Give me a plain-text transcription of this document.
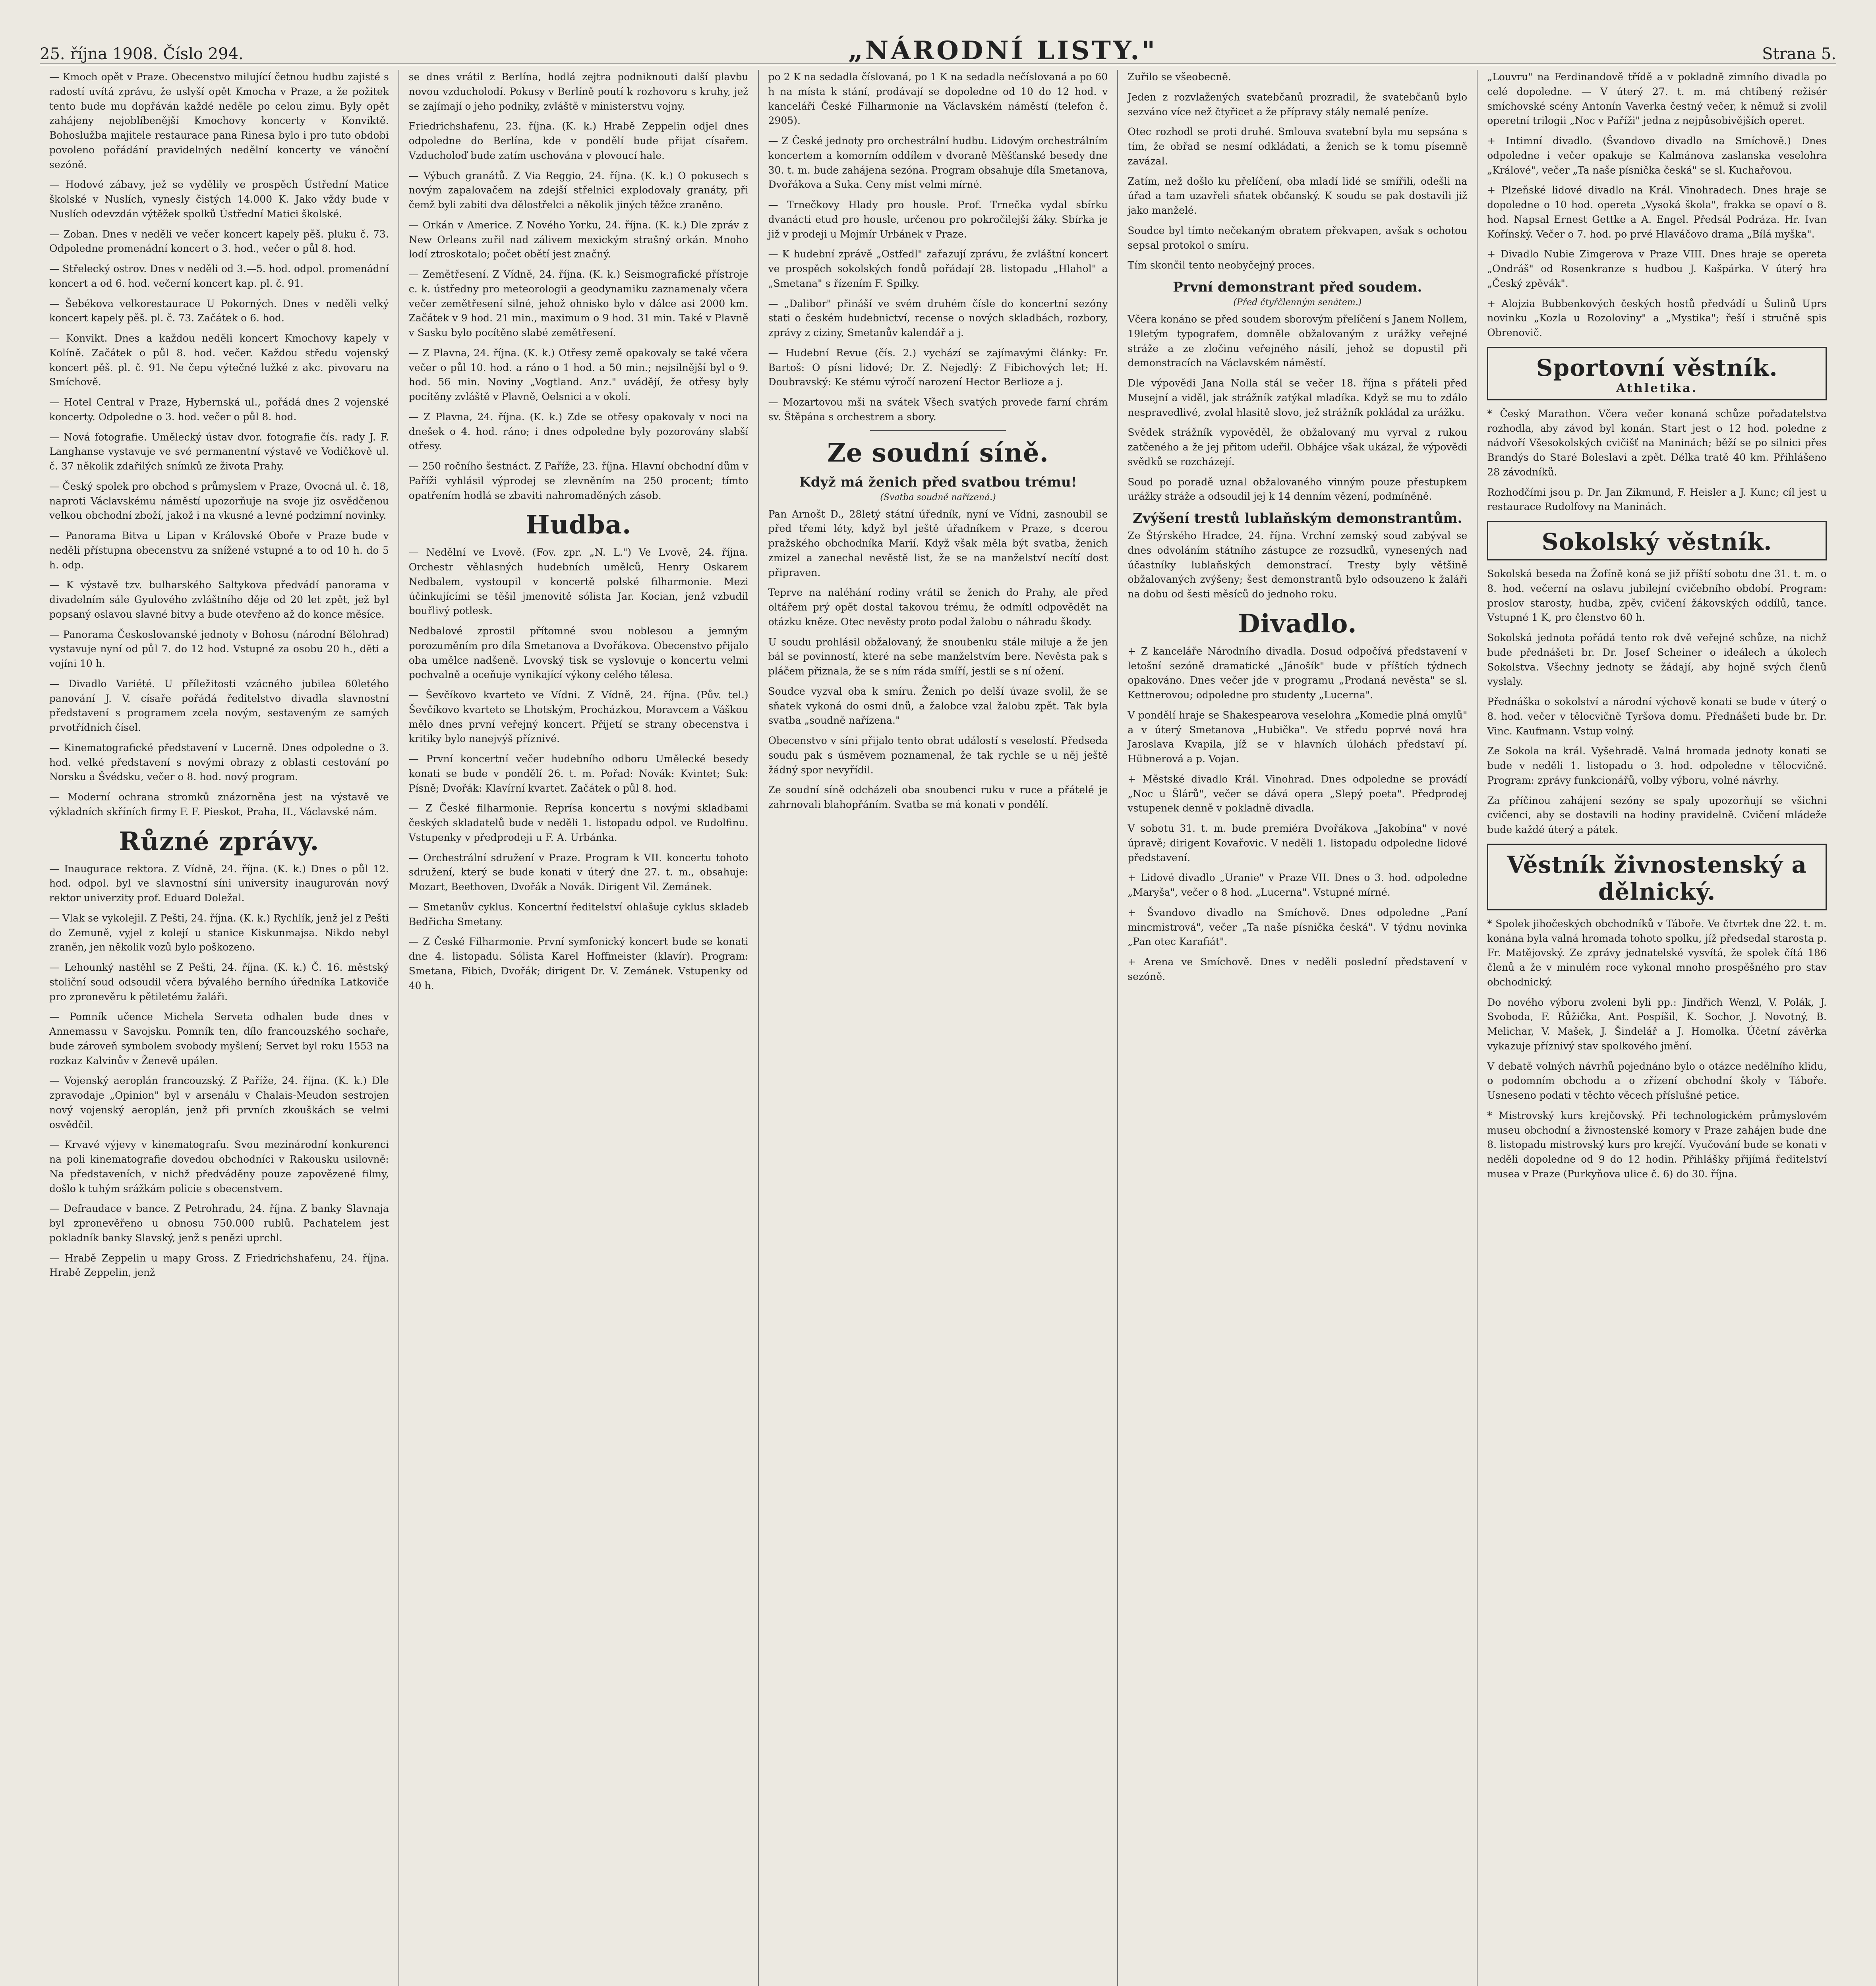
25. října 1908. Číslo 294.	„NÁRODNÍ LISTY."	Strana 5.

— Kmoch opět v Praze. Obecenstvo milující četnou hudbu zajisté s radostí uvítá zprávu, že uslyší opět Kmocha v Praze, a že požitek tento bude mu dopřáván každé neděle po celou zimu. Byly opět zahájeny nejoblíbenější Kmochovy koncerty v Konviktě. Bohoslužba majitele restaurace pana Rinesa bylo i pro tuto obdobi povoleno pořádání pravidelných nedělní koncerty ve vánoční sezóně.

— Hodové zábavy, jež se vydělily ve prospěch Ústřední Matice školské v Nuslích, vynesly čistých 14.000 K. Jako vždy bude v Nuslích odevzdán výtěžek spolků Ústřední Matici školské.

— Zoban. Dnes v neděli ve večer koncert kapely pěš. pluku č. 73. Odpoledne promenádní koncert o 3. hod., večer o půl 8. hod.

— Střelecký ostrov. Dnes v neděli od 3.—5. hod. odpol. promenádní koncert a od 6. hod. večerní koncert kap. pl. č. 91.

— Šebékova velkorestaurace U Pokorných. Dnes v neděli velký koncert kapely pěš. pl. č. 73. Začátek o 6. hod.

— Konvikt. Dnes a každou neděli koncert Kmochovy kapely v Kolíně. Začátek o půl 8. hod. večer. Každou středu vojenský koncert pěš. pl. č. 91. Ne čepu výtečné lužké z akc. pivovaru na Smíchově.

— Hotel Central v Praze, Hybernská ul., pořádá dnes 2 vojenské koncerty. Odpoledne o 3. hod. večer o půl 8. hod.

— Nová fotografie. Umělecký ústav dvor. fotografie čís. rady J. F. Langhanse vystavuje ve své permanentní výstavě ve Vodičkově ul. č. 37 několik zdařilých snímků ze života Prahy.

— Český spolek pro obchod s průmyslem v Praze, Ovocná ul. č. 18, naproti Václavskému náměstí upozorňuje na svoje jiz osvědčenou velkou obchodní zboží, jakož i na vkusné a levné podzimní novinky.

— Panorama Bitva u Lipan v Královské Oboře v Praze bude v neděli přístupna obecenstvu za snížené vstupné a to od 10 h. do 5 h. odp.

— K výstavě tzv. bulharského Saltykova předvádí panorama v divadelním sále Gyulového zvláštního děje od 20 let zpět, jež byl popsaný oslavou slavné bitvy a bude otevřeno až do konce měsíce.

— Panorama Českoslovanské jednoty v Bohosu (národní Bělohrad) vystavuje nyní od půl 7. do 12 hod. Vstupné za osobu 20 h., děti a vojíni 10 h.

— Divadlo Variété. U příležitosti vzácného jubilea 60letého panování J. V. císaře pořádá ředitelstvo divadla slavnostní představení s programem zcela novým, sestaveným ze samých prvotřídních čísel.

— Kinematografické představení v Lucerně. Dnes odpoledne o 3. hod. velké představení s novými obrazy z oblasti cestování po Norsku a Švédsku, večer o 8. hod. nový program.

— Moderní ochrana stromků znázorněna jest na výstavě ve výkladních skříních firmy F. F. Pieskot, Praha, II., Václavské nám.

Různé zprávy.

— Inaugurace rektora. Z Vídně, 24. října. (K. k.) Dnes o půl 12. hod. odpol. byl ve slavnostní síni university inaugurován nový rektor univerzity prof. Eduard Doležal.

— Vlak se vykolejil. Z Pešti, 24. října. (K. k.) Rychlík, jenž jel z Pešti do Zemuně, vyjel z kolejí u stanice Kiskunmajsa. Nikdo nebyl zraněn, jen několik vozů bylo poškozeno.

— Lehounký nastěhl se Z Pešti, 24. října. (K. k.) Č. 16. městský stoliční soud odsoudil včera bývalého berního úředníka Latkoviče pro zpronevěru k pětiletému žaláři.

— Pomník učence Michela Serveta odhalen bude dnes v Annemassu v Savojsku. Pomník ten, dílo francouzského sochaře, bude zároveň symbolem svobody myšlení; Servet byl roku 1553 na rozkaz Kalvinův v Ženevě upálen.

— Vojenský aeroplán francouzský. Z Paříže, 24. října. (K. k.) Dle zpravodaje „Opinion" byl v arsenálu v Chalais-Meudon sestrojen nový vojenský aeroplán, jenž při prvních zkouškách se velmi osvědčil.

— Krvavé výjevy v kinematografu. Svou mezinárodní konkurenci na poli kinematografie dovedou obchodníci v Rakousku usilovně: Na představeních, v nichž předváděny pouze zapovězené filmy, došlo k tuhým srážkám policie s obecenstvem.

— Defraudace v bance. Z Petrohradu, 24. října. Z banky Slavnaja byl zpronevěřeno u obnosu 750.000 rublů. Pachatelem jest pokladník banky Slavský, jenž s penězi uprchl.

— Hrabě Zeppelin u mapy Gross. Z Friedrichshafenu, 24. října. Hrabě Zeppelin, jenž

se dnes vrátil z Berlína, hodlá zejtra podniknouti další plavbu novou vzducholodí. Pokusy v Berlíně poutí k rozhovoru s kruhy, jež se zajímají o jeho podniky, zvláště v ministerstvu vojny.

Friedrichshafenu, 23. října. (K. k.) Hrabě Zeppelin odjel dnes odpoledne do Berlína, kde v pondělí bude přijat císařem. Vzducholoď bude zatím uschována v plovoucí hale.

— Výbuch granátů. Z Via Reggio, 24. října. (K. k.) O pokusech s novým zapalovačem na zdejší střelnici explodovaly granáty, při čemž byli zabiti dva dělostřelci a několik jiných těžce zraněno.

— Orkán v Americe. Z Nového Yorku, 24. října. (K. k.) Dle zpráv z New Orleans zuřil nad zálivem mexickým strašný orkán. Mnoho lodí ztroskotalo; počet obětí jest značný.

— Zemětřesení. Z Vídně, 24. října. (K. k.) Seismografické přístroje c. k. ústředny pro meteorologii a geodynamiku zaznamenaly včera večer zemětřesení silné, jehož ohnisko bylo v dálce asi 2000 km. Začátek v 9 hod. 21 min., maximum o 9 hod. 31 min. Také v Plavně v Sasku bylo pocítěno slabé zemětřesení.

— Z Plavna, 24. října. (K. k.) Otřesy země opakovaly se také včera večer o půl 10. hod. a ráno o 1 hod. a 50 min.; nejsilnější byl o 9. hod. 56 min. Noviny „Vogtland. Anz." uvádějí, že otřesy byly pocítěny zvláště v Plavně, Oelsnici a v okolí.

— Z Plavna, 24. října. (K. k.) Zde se otřesy opakovaly v noci na dnešek o 4. hod. ráno; i dnes odpoledne byly pozorovány slabší otřesy.

— 250 ročního šestnáct. Z Paříže, 23. října. Hlavní obchodní dům v Paříži vyhlásil výprodej se zlevněním na 250 procent; tímto opatřením hodlá se zbaviti nahromaděných zásob.

Hudba.

— Nedělní ve Lvově. (Fov. zpr. „N. L.") Ve Lvově, 24. října. Orchestr věhlasných hudebních umělců, Henry Oskarem Nedbalem, vystoupil v koncertě polské filharmonie. Mezi účinkujícími se těšil jmenovitě sólista Jar. Kocian, jenž vzbudil bouřlivý potlesk.

Nedbalové zprostil přítomné svou noblesou a jemným porozuměním pro díla Smetanova a Dvořákova. Obecenstvo přijalo oba umělce nadšeně. Lvovský tisk se vyslovuje o koncertu velmi pochvalně a oceňuje vynikající výkony celého tělesa.

— Ševčíkovo kvarteto ve Vídni. Z Vídně, 24. října. (Pův. tel.) Ševčíkovo kvarteto se Lhotským, Procházkou, Moravcem a Váškou mělo dnes první veřejný koncert. Přijetí se strany obecenstva i kritiky bylo nanejvýš příznivé.

— První koncertní večer hudebního odboru Umělecké besedy konati se bude v pondělí 26. t. m. Pořad: Novák: Kvintet; Suk: Písně; Dvořák: Klavírní kvartet. Začátek o půl 8. hod.

— Z České filharmonie. Reprísa koncertu s novými skladbami českých skladatelů bude v neděli 1. listopadu odpol. ve Rudolfinu. Vstupenky v předprodeji u F. A. Urbánka.

— Orchestrální sdružení v Praze. Program k VII. koncertu tohoto sdružení, který se bude konati v úterý dne 27. t. m., obsahuje: Mozart, Beethoven, Dvořák a Novák. Dirigent Vil. Zemánek.

— Smetanův cyklus. Koncertní ředitelství ohlašuje cyklus skladeb Bedřicha Smetany.

— Z České Filharmonie. První symfonický koncert bude se konati dne 4. listopadu. Sólista Karel Hoffmeister (klavír). Program: Smetana, Fibich, Dvořák; dirigent Dr. V. Zemánek. Vstupenky od 40 h.

po 2 K na sedadla číslovaná, po 1 K na sedadla nečíslovaná a po 60 h na místa k stání, prodávají se dopoledne od 10 do 12 hod. v kanceláři České Filharmonie na Václavském náměstí (telefon č. 2905).

— Z České jednoty pro orchestrální hudbu. Lidovým orchestrálním koncertem a komorním oddílem v dvoraně Měšťanské besedy dne 30. t. m. bude zahájena sezóna. Program obsahuje díla Smetanova, Dvořákova a Suka. Ceny míst velmi mírné.

— Trnečkovy Hlady pro housle. Prof. Trnečka vydal sbírku dvanácti etud pro housle, určenou pro pokročilejší žáky. Sbírka je již v prodeji u Mojmír Urbánek v Praze.

— K hudební zprávě „Ostfedl" zařazují zprávu, že zvláštní koncert ve prospěch sokolských fondů pořádají 28. listopadu „Hlahol" a „Smetana" s řízením F. Spilky.

— „Dalibor" přináší ve svém druhém čísle do koncertní sezóny stati o českém hudebnictví, recense o nových skladbách, rozbory, zprávy z ciziny, Smetanův kalendář a j.

— Hudební Revue (čís. 2.) vychází se zajímavými články: Fr. Bartoš: O písni lidové; Dr. Z. Nejedlý: Z Fibichových let; H. Doubravský: Ke stému výročí narození Hector Berlioze a j.

— Mozartovou mši na svátek Všech svatých provede farní chrám sv. Štěpána s orchestrem a sbory.

Ze soudní síně.
Když má ženich před svatbou trému!
(Svatba soudně nařízená.)

Pan Arnošt D., 28letý státní úředník, nyní ve Vídni, zasnoubil se před třemi léty, když byl ještě úřadníkem v Praze, s dcerou pražského obchodníka Marií. Když však měla být svatba, ženich zmizel a zanechal nevěstě list, že se na manželství necítí dost připraven.

Teprve na naléhání rodiny vrátil se ženich do Prahy, ale před oltářem prý opět dostal takovou trému, že odmítl odpovědět na otázku kněze. Otec nevěsty proto podal žalobu o náhradu škody.

U soudu prohlásil obžalovaný, že snoubenku stále miluje a že jen bál se povinností, které na sebe manželstvím bere. Nevěsta pak s pláčem přiznala, že se s ním ráda smíří, jestli se s ní ožení.

Soudce vyzval oba k smíru. Ženich po delší úvaze svolil, že se sňatek vykoná do osmi dnů, a žalobce vzal žalobu zpět. Tak byla svatba „soudně nařízena."

Obecenstvo v síni přijalo tento obrat událostí s veselostí. Předseda soudu pak s úsměvem poznamenal, že tak rychle se u něj ještě žádný spor nevyřídil.

Ze soudní síně odcházeli oba snoubenci ruku v ruce a přátelé je zahrnovali blahopřáním. Svatba se má konati v pondělí.

Zuřilo se všeobecně.

Jeden z rozvlažených svatebčanů prozradil, že svatebčanů bylo sezváno více než čtyřicet a že přípravy stály nemalé peníze.

Otec rozhodl se proti druhé. Smlouva svatební byla mu sepsána s tím, že obřad se nesmí odkládati, a ženich se k tomu písemně zavázal.

Zatím, než došlo ku přelíčení, oba mladí lidé se smířili, odešli na úřad a tam uzavřeli sňatek občanský. K soudu se pak dostavili již jako manželé.

Soudce byl tímto nečekaným obratem překvapen, avšak s ochotou sepsal protokol o smíru.

Tím skončil tento neobyčejný proces.

První demonstrant před soudem.
(Před čtyřčlenným senátem.)

Včera konáno se před soudem sborovým přelíčení s Janem Nollem, 19letým typografem, domněle obžalovaným z urážky veřejné stráže a ze zločinu veřejného násilí, jehož se dopustil při demonstracích na Václavském náměstí.

Dle výpovědi Jana Nolla stál se večer 18. října s přáteli před Musejní a viděl, jak strážník zatýkal mladíka. Když se mu to zdálo nespravedlivé, zvolal hlasitě slovo, jež strážník pokládal za urážku.

Svědek strážník vypověděl, že obžalovaný mu vyrval z rukou zatčeného a že jej přitom udeřil. Obhájce však ukázal, že výpovědi svědků se rozcházejí.

Soud po poradě uznal obžalovaného vinným pouze přestupkem urážky stráže a odsoudil jej k 14 denním vězení, podmíněně.

Zvýšení trestů lublaňským demonstrantům.

Ze Štýrského Hradce, 24. října. Vrchní zemský soud zabýval se dnes odvoláním státního zástupce ze rozsudků, vynesených nad účastníky lublaňských demonstrací. Tresty byly většině obžalovaných zvýšeny; šest demonstrantů bylo odsouzeno k žaláři na dobu od šesti měsíců do jednoho roku.

Divadlo.

+ Z kanceláře Národního divadla. Dosud odpočívá představení v letošní sezóně dramatické „Jánošík" bude v příštích týdnech opakováno. Dnes večer jde v programu „Prodaná nevěsta" se sl. Kettnerovou; odpoledne pro studenty „Lucerna".

V pondělí hraje se Shakespearova veselohra „Komedie plná omylů" a v úterý Smetanova „Hubička". Ve středu poprvé nová hra Jaroslava Kvapila, jíž se v hlavních úlohách představí pí. Hübnerová a p. Vojan.

+ Městské divadlo Král. Vinohrad. Dnes odpoledne se provádí „Noc u Šlárů", večer se dává opera „Slepý poeta". Předprodej vstupenek denně v pokladně divadla.

V sobotu 31. t. m. bude premiéra Dvořákova „Jakobína" v nové úpravě; dirigent Kovařovic. V neděli 1. listopadu odpoledne lidové představení.

+ Lidové divadlo „Uranie" v Praze VII. Dnes o 3. hod. odpoledne „Maryša", večer o 8 hod. „Lucerna". Vstupné mírné.

+ Švandovo divadlo na Smíchově. Dnes odpoledne „Paní mincmistrová", večer „Ta naše písnička česká". V týdnu novinka „Pan otec Karafiát".

+ Arena ve Smíchově. Dnes v neděli poslední představení v sezóně.

„Louvru" na Ferdinandově třídě a v pokladně zimního divadla po celé dopoledne. — V úterý 27. t. m. má chtíbený režisér smíchovské scény Antonín Vaverka čestný večer, k němuž si zvolil operetní trilogii „Noc v Paříži" jedna z nejpůsobivějších operet.

+ Intimní divadlo. (Švandovo divadlo na Smíchově.) Dnes odpoledne i večer opakuje se Kalmánova zaslanska veselohra „Králové", večer „Ta naše písnička česká" se sl. Kuchařovou.

+ Plzeňské lidové divadlo na Král. Vinohradech. Dnes hraje se dopoledne o 10 hod. opereta „Vysoká škola", frakka se opaví o 8. hod. Napsal Ernest Gettke a A. Engel. Předsál Podráza. Hr. Ivan Kořínský. Večer o 7. hod. po prvé Hlaváčovo drama „Bílá myška".

+ Divadlo Nubie Zimgerova v Praze VIII. Dnes hraje se opereta „Ondráš" od Rosenkranze s hudbou J. Kašpárka. V úterý hra „Český zpěvák".

+ Alojzia Bubbenkových českých hostů předvádí u Šulinů Uprs novinku „Kozla u Rozoloviny" a „Mystika"; řeší i stručně spis Obrenovič.

Sportovní věstník.
Athletika.

* Český Marathon. Včera večer konaná schůze pořadatelstva rozhodla, aby závod byl konán. Start jest o 12 hod. poledne z nádvoří Všesokolských cvičišť na Maninách; běží se po silnici přes Brandýs do Staré Boleslavi a zpět. Délka tratě 40 km. Přihlášeno 28 závodníků.

Rozhodčími jsou p. Dr. Jan Zikmund, F. Heisler a J. Kunc; cíl jest u restaurace Rudolfovy na Maninách.

Sokolský věstník.

Sokolská beseda na Žofíně koná se již příští sobotu dne 31. t. m. o 8. hod. večerní na oslavu jubilejní cvičebního období. Program: proslov starosty, hudba, zpěv, cvičení žákovských oddílů, tance. Vstupné 1 K, pro členstvo 60 h.

Sokolská jednota pořádá tento rok dvě veřejné schůze, na nichž bude přednášeti br. Dr. Josef Scheiner o ideálech a úkolech Sokolstva. Všechny jednoty se žádají, aby hojně svých členů vyslaly.

Přednáška o sokolství a národní výchově konati se bude v úterý o 8. hod. večer v tělocvičně Tyršova domu. Přednášeti bude br. Dr. Vinc. Kaufmann. Vstup volný.

Ze Sokola na král. Vyšehradě. Valná hromada jednoty konati se bude v neděli 1. listopadu o 3. hod. odpoledne v tělocvičně. Program: zprávy funkcionářů, volby výboru, volné návrhy.

Za příčinou zahájení sezóny se spaly upozorňují se všichni cvičenci, aby se dostavili na hodiny pravidelně. Cvičení mládeže bude každé úterý a pátek.

Věstník živnostenský a dělnický.

* Spolek jihočeských obchodníků v Táboře. Ve čtvrtek dne 22. t. m. konána byla valná hromada tohoto spolku, jíž předsedal starosta p. Fr. Matějovský. Ze zprávy jednatelské vysvítá, že spolek čítá 186 členů a že v minulém roce vykonal mnoho prospěšného pro stav obchodnický.

Do nového výboru zvoleni byli pp.: Jindřich Wenzl, V. Polák, J. Svoboda, F. Růžička, Ant. Pospíšil, K. Sochor, J. Novotný, B. Melichar, V. Mašek, J. Šindelář a J. Homolka. Účetní závěrka vykazuje příznivý stav spolkového jmění.

V debatě volných návrhů pojednáno bylo o otázce nedělního klidu, o podomním obchodu a o zřízení obchodní školy v Táboře. Usneseno podati v těchto věcech příslušné petice.

* Mistrovský kurs krejčovský. Při technologickém průmyslovém museu obchodní a živnostenské komory v Praze zahájen bude dne 8. listopadu mistrovský kurs pro krejčí. Vyučování bude se konati v neděli dopoledne od 9 do 12 hodin. Přihlášky přijímá ředitelství musea v Praze (Purkyňova ulice č. 6) do 30. října.
